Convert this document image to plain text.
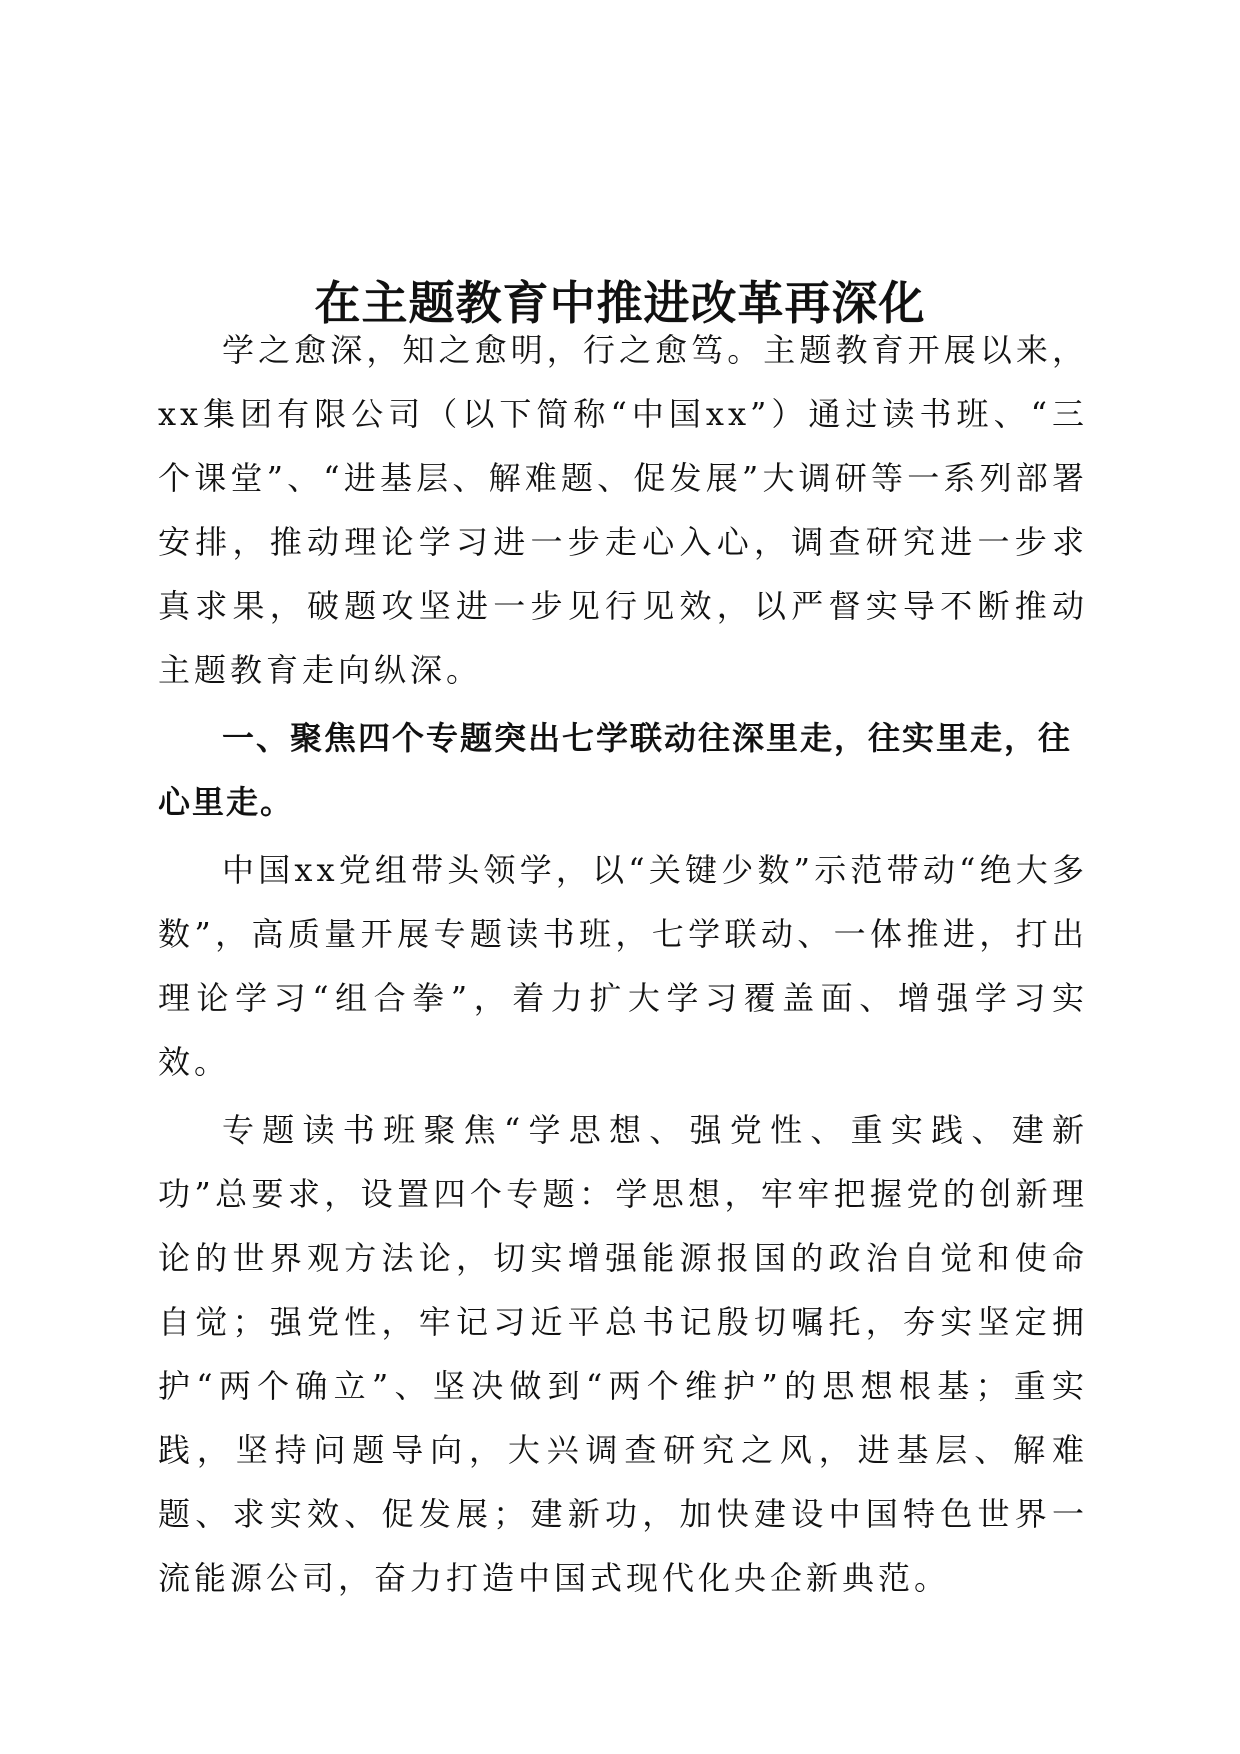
在主题教育中推进改革再深化

学之愈深，知之愈明，行之愈笃。主题教育开展以来，xx集团有限公司（以下简称“中国xx”）通过读书班、“三个课堂”、“进基层、解难题、促发展”大调研等一系列部署安排，推动理论学习进一步走心入心，调查研究进一步求真求果，破题攻坚进一步见行见效，以严督实导不断推动主题教育走向纵深。

一、聚焦四个专题突出七学联动往深里走，往实里走，往心里走。

中国xx党组带头领学，以“关键少数”示范带动“绝大多数”，高质量开展专题读书班，七学联动、一体推进，打出理论学习“组合拳”，着力扩大学习覆盖面、增强学习实效。

专题读书班聚焦“学思想、强党性、重实践、建新功”总要求，设置四个专题：学思想，牢牢把握党的创新理论的世界观方法论，切实增强能源报国的政治自觉和使命自觉；强党性，牢记习近平总书记殷切嘱托，夯实坚定拥护“两个确立”、坚决做到“两个维护”的思想根基；重实践，坚持问题导向，大兴调查研究之风，进基层、解难题、求实效、促发展；建新功，加快建设中国特色世界一流能源公司，奋力打造中国式现代化央企新典范。
